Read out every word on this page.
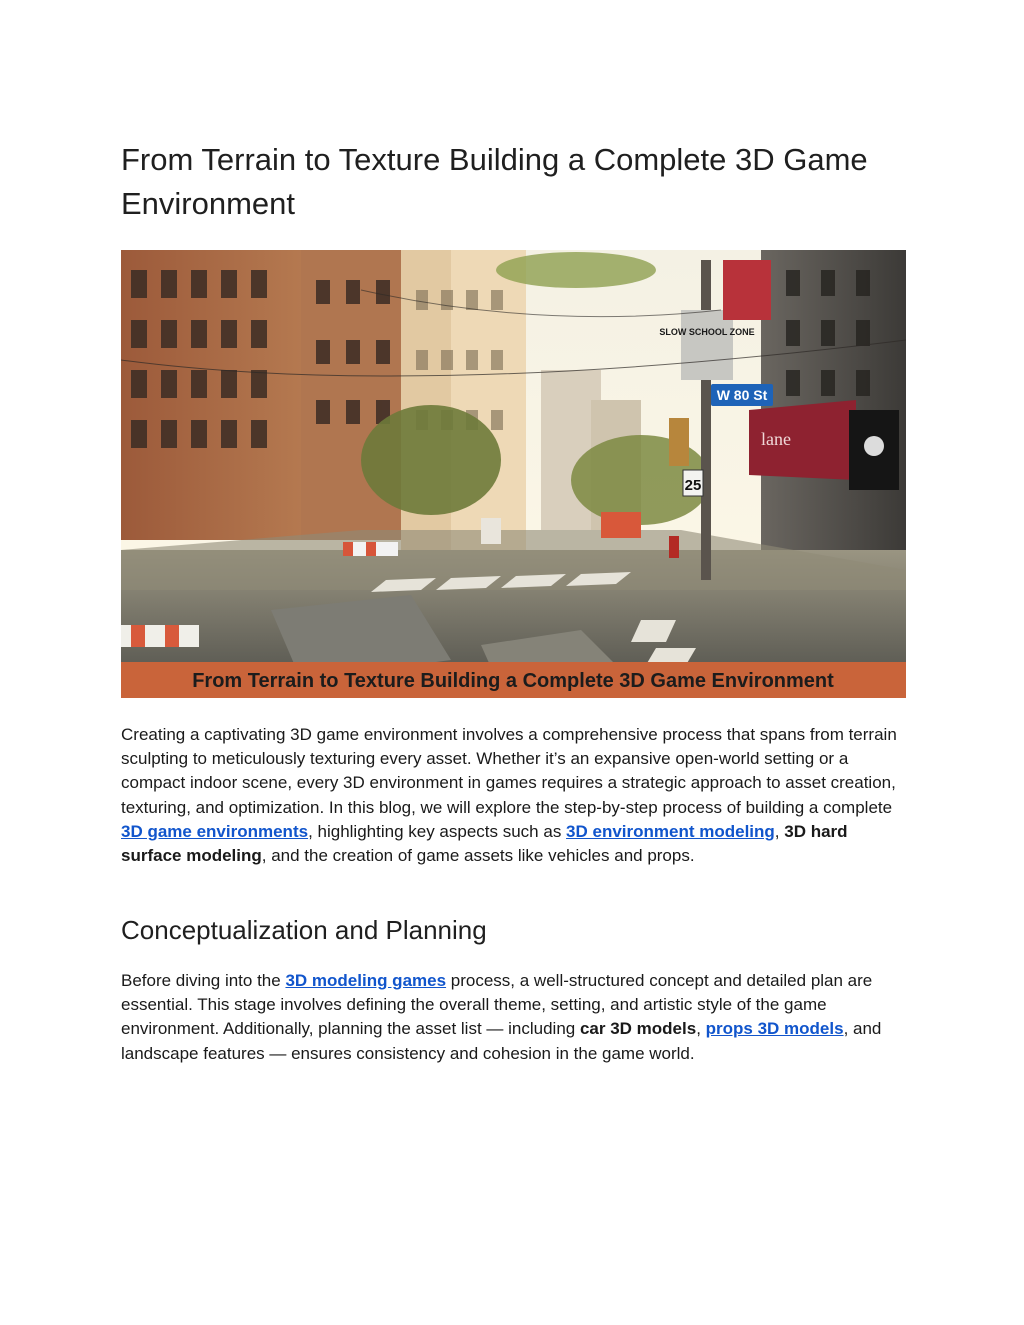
From Terrain to Texture Building a Complete 3D Game Environment
lane
SLOW SCHOOL ZONE
W 80 St
25
From Terrain to Texture Building a Complete 3D Game Environment

Creating a captivating 3D game environment involves a comprehensive process that spans from terrain sculpting to meticulously texturing every asset. Whether it’s an expansive open-world setting or a compact indoor scene, every 3D environment in games requires a strategic approach to asset creation, texturing, and optimization. In this blog, we will explore the step-by-step process of building a complete 3D game environments, highlighting key aspects such as 3D environment modeling, 3D hard surface modeling, and the creation of game assets like vehicles and props.

Conceptualization and Planning

Before diving into the 3D modeling games process, a well-structured concept and detailed plan are essential. This stage involves defining the overall theme, setting, and artistic style of the game environment. Additionally, planning the asset list — including car 3D models, props 3D models, and landscape features — ensures consistency and cohesion in the game world.
